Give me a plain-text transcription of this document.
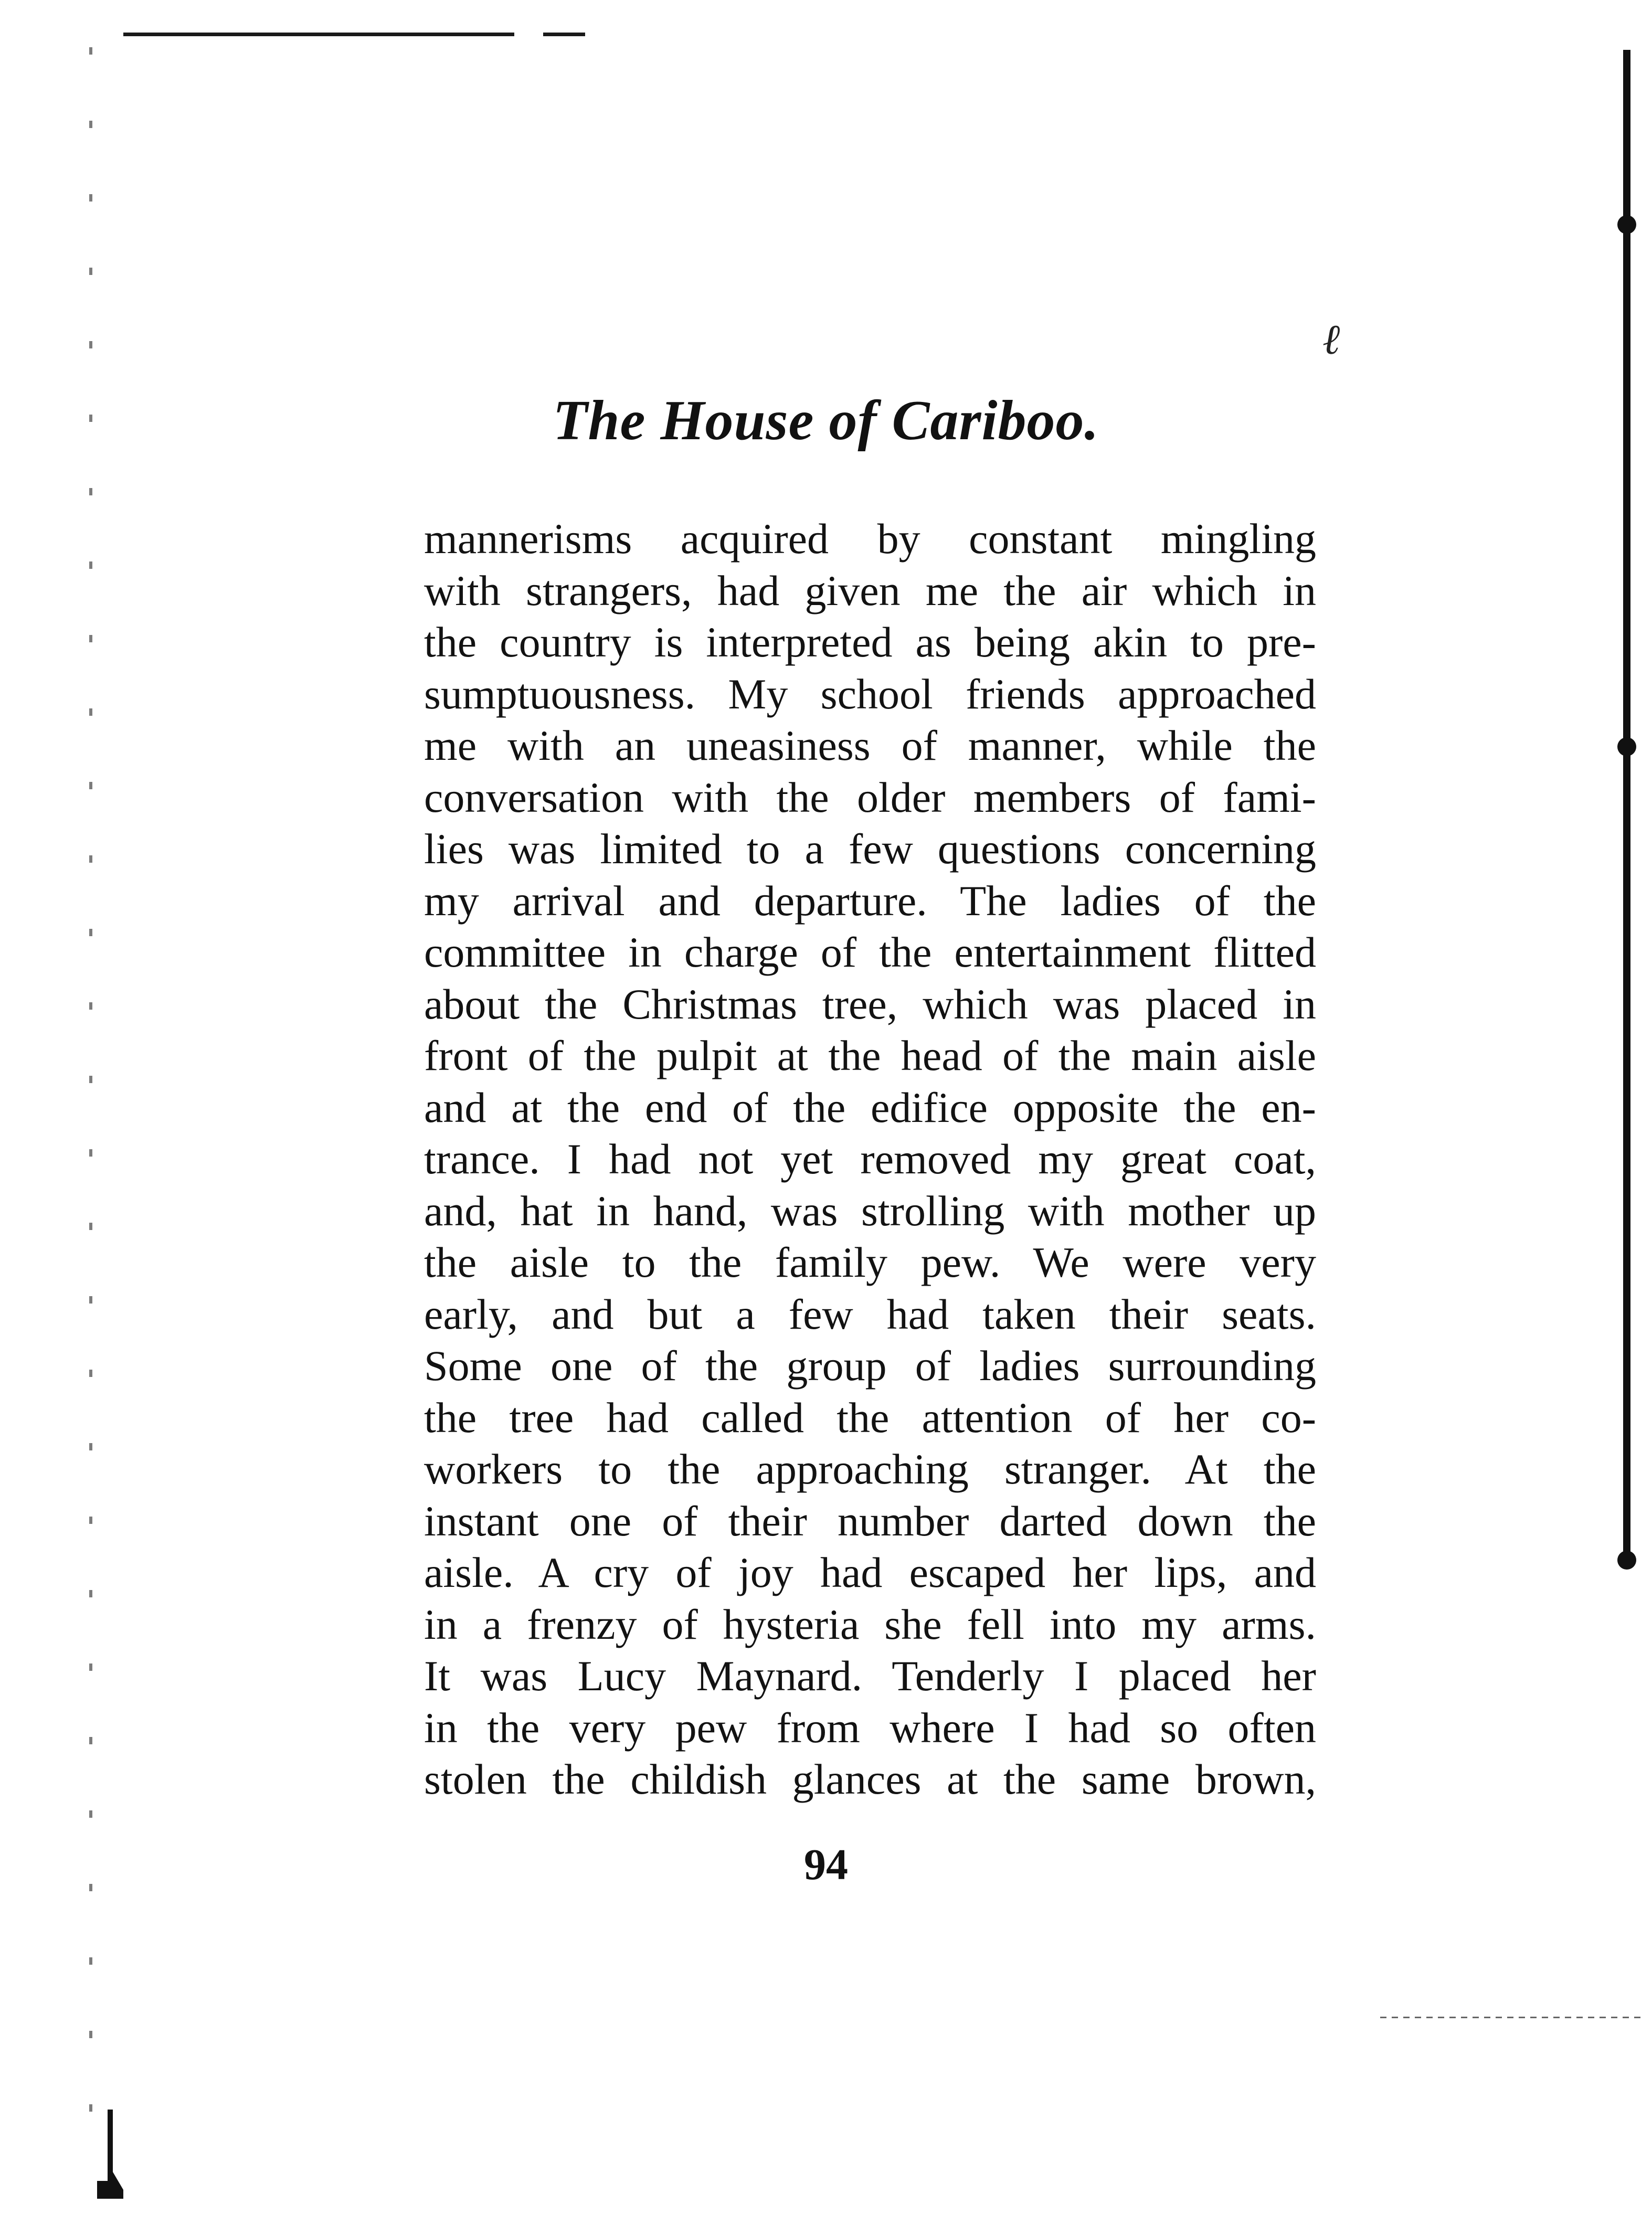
ℓ
The House of Cariboo.
mannerisms acquired by constant mingling
with strangers, had given me the air which in
the country is interpreted as being akin to pre-
sumptuousness. My school friends approached
me with an uneasiness of manner, while the
conversation with the older members of fami-
lies was limited to a few questions concerning
my arrival and departure. The ladies of the
committee in charge of the entertainment flitted
about the Christmas tree, which was placed in
front of the pulpit at the head of the main aisle
and at the end of the edifice opposite the en-
trance. I had not yet removed my great coat,
and, hat in hand, was strolling with mother up
the aisle to the family pew. We were very
early, and but a few had taken their seats.
Some one of the group of ladies surrounding
the tree had called the attention of her co-
workers to the approaching stranger. At the
instant one of their number darted down the
aisle. A cry of joy had escaped her lips, and
in a frenzy of hysteria she fell into my arms.
It was Lucy Maynard. Tenderly I placed her
in the very pew from where I had so often
stolen the childish glances at the same brown,
94
